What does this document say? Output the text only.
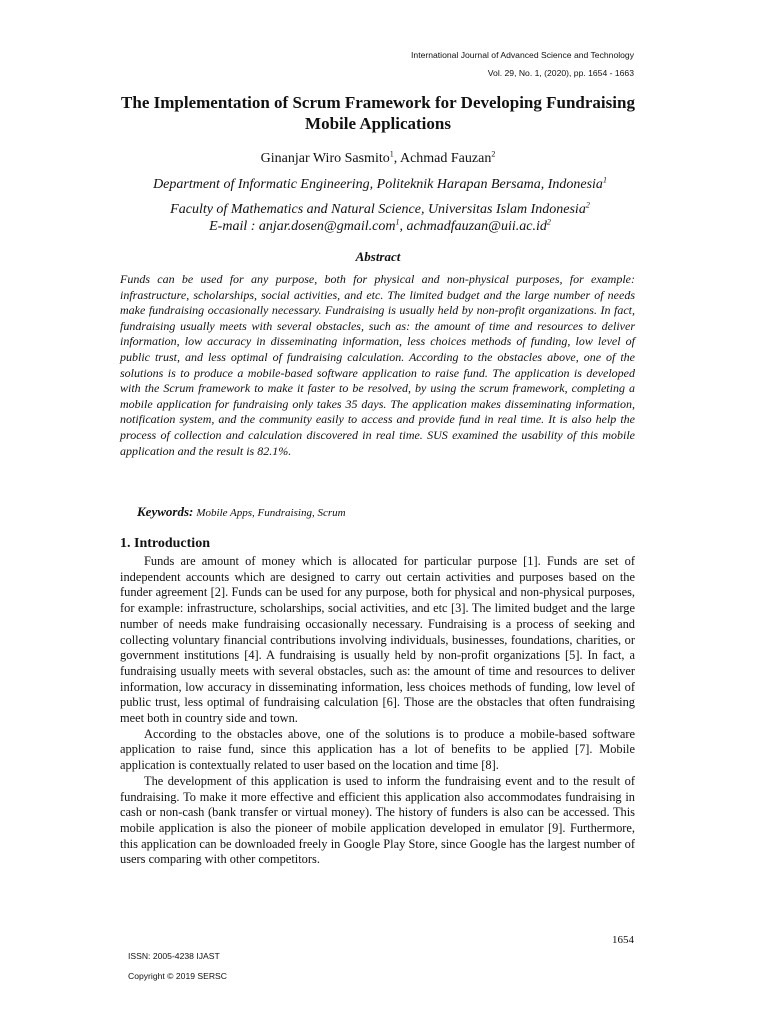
International Journal of Advanced Science and Technology
Vol. 29, No. 1, (2020), pp. 1654 - 1663
The Implementation of Scrum Framework for Developing Fundraising Mobile Applications
Ginanjar Wiro Sasmito$^1$, Achmad Fauzan$^2$
Department of Informatic Engineering, Politeknik Harapan Bersama, Indonesia$^1$
Faculty of Mathematics and Natural Science, Universitas Islam Indonesia$^2$
E-mail : anjar.dosen@gmail.com$^1$, $achmadfauzan@uii.ac.id^2$
Abstract

Funds can be used for any purpose, both for physical and non-physical purposes, for example: infrastructure, scholarships, social activities, and etc. The limited budget and the large number of needs make fundraising occasionally necessary. Fundraising is usually held by non-profit organizations. In fact, fundraising usually meets with several obstacles, such as: the amount of time and resources to deliver information, low accuracy in disseminating information, less choices methods of funding, low level of public trust, and less optimal of fundraising calculation. According to the obstacles above, one of the solutions is to produce a mobile-based software application to raise fund. The application is developed with the Scrum framework to make it faster to be resolved, by using the scrum framework, completing a mobile application for fundraising only takes 35 days. The application makes disseminating information, notification system, and the community easily to access and provide fund in real time. It is also help the process of collection and calculation discovered in real time. SUS examined the usability of this mobile application and the result is 82.1%.

Keywords: Mobile Apps, Fundraising, Scrum
1. Introduction

Funds are amount of money which is allocated for particular purpose [1]. Funds are set of independent accounts which are designed to carry out certain activities and purposes based on the funder agreement [2]. Funds can be used for any purpose, both for physical and non-physical purposes, for example: infrastructure, scholarships, social activities, and etc [3]. The limited budget and the large number of needs make fundraising occasionally necessary. Fundraising is a process of seeking and collecting voluntary financial contributions involving individuals, businesses, foundations, charities, or government institutions [4]. A fundraising is usually held by non-profit organizations [5]. In fact, a fundraising usually meets with several obstacles, such as: the amount of time and resources to deliver information, low accuracy in disseminating information, less choices methods of funding, low level of public trust, less optimal of fundraising calculation [6]. Those are the obstacles that often fundraising meet both in country side and town.

According to the obstacles above, one of the solutions is to produce a mobile-based software application to raise fund, since this application has a lot of benefits to be applied [7]. Mobile application is contextually related to user based on the location and time [8].

The development of this application is used to inform the fundraising event and to the result of fundraising. To make it more effective and efficient this application also accommodates fundraising in cash or non-cash (bank transfer or virtual money). The history of funders is also can be accessed. This mobile application is also the pioneer of mobile application developed in emulator [9]. Furthermore, this application can be downloaded freely in Google Play Store, since Google has the largest number of users comparing with other competitors.

1654
ISSN: 2005-4238 IJAST
Copyright © 2019 SERSC
